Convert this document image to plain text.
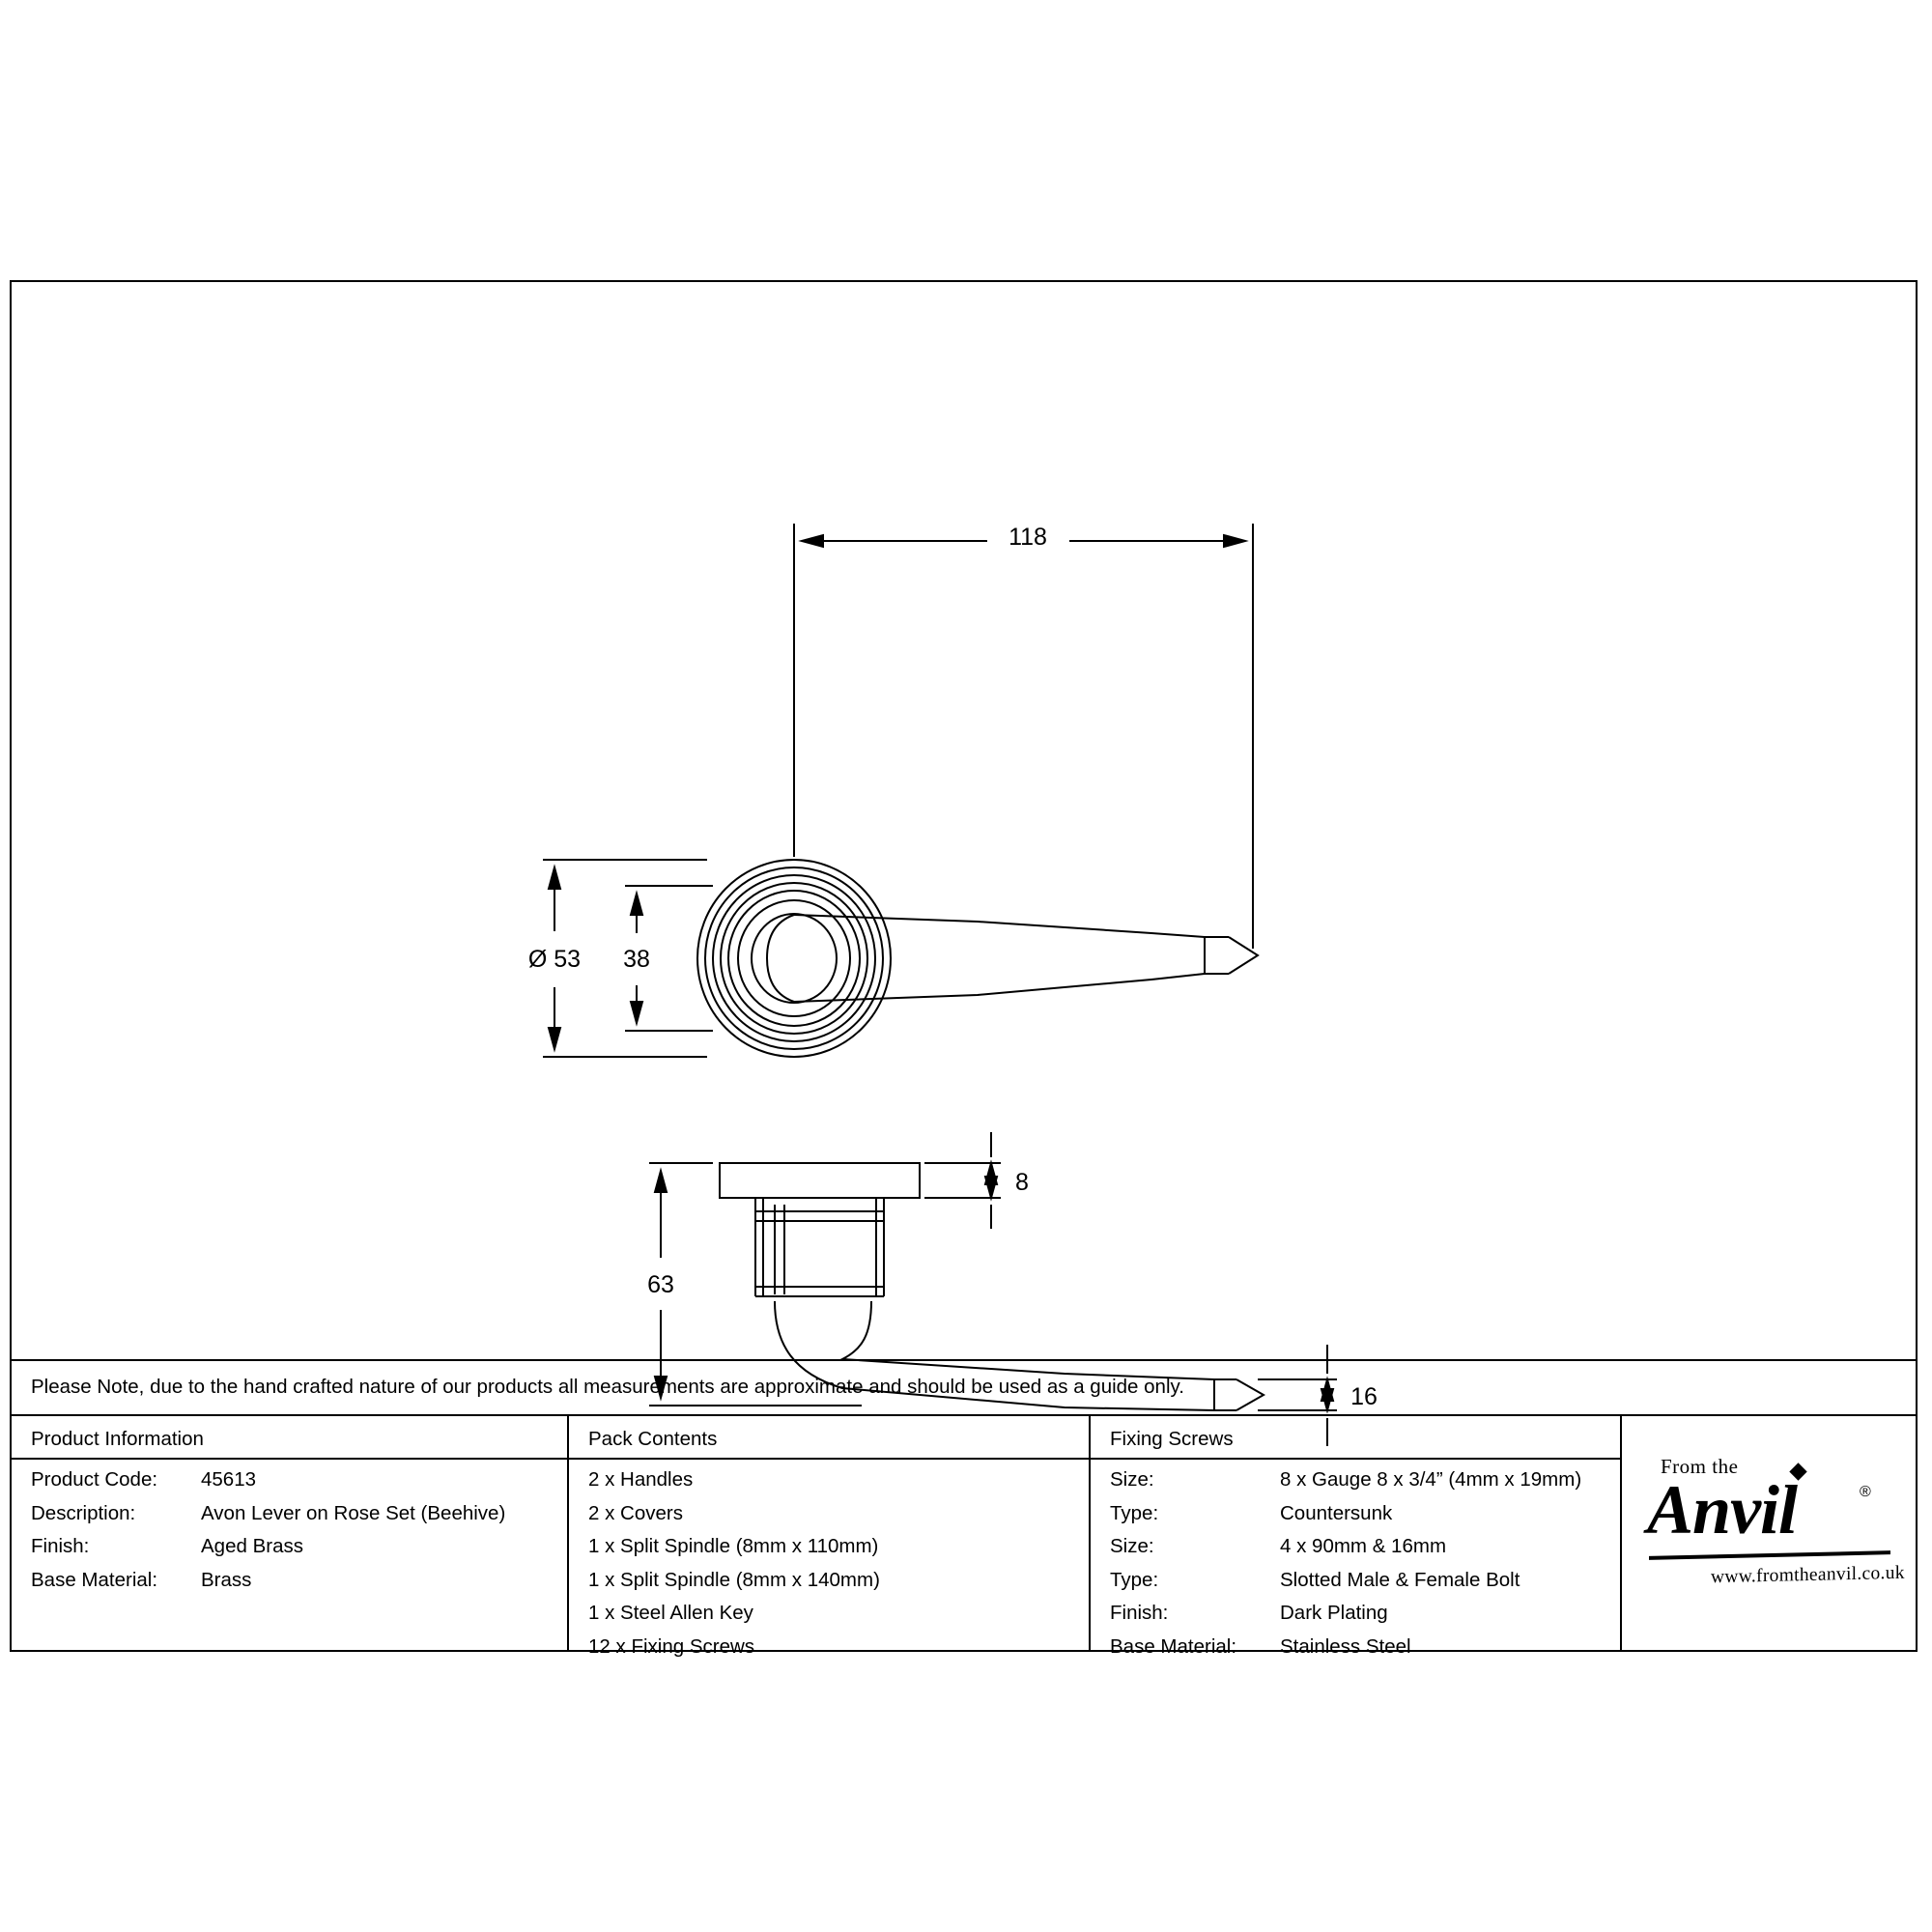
118
Ø 53 38
8
63
16
Please Note, due to the hand crafted nature of our products all measurements are approximate and should be used as a guide only.
Product Information
Product Code: 45613
Description:	Avon Lever on Rose Set (Beehive)
Finish:	Aged Brass
Base Material: Brass
Pack Contents
2 x Handles
2 x Covers
1 x Split Spindle (8mm x 110mm)
1 x Split Spindle (8mm x 140mm)
1 x Steel Allen Key
12 x Fixing Screws
Fixing Screws
Size:	8 x Gauge 8 x 3/4” (4mm x 19mm)
Type:	Countersunk
Size:	4 x 90mm & 16mm
Type:	Slotted Male & Female Bolt
Finish:	Dark Plating
Base Material: Stainless Steel
From the
Anvil	®
www.fromtheanvil.co.uk
